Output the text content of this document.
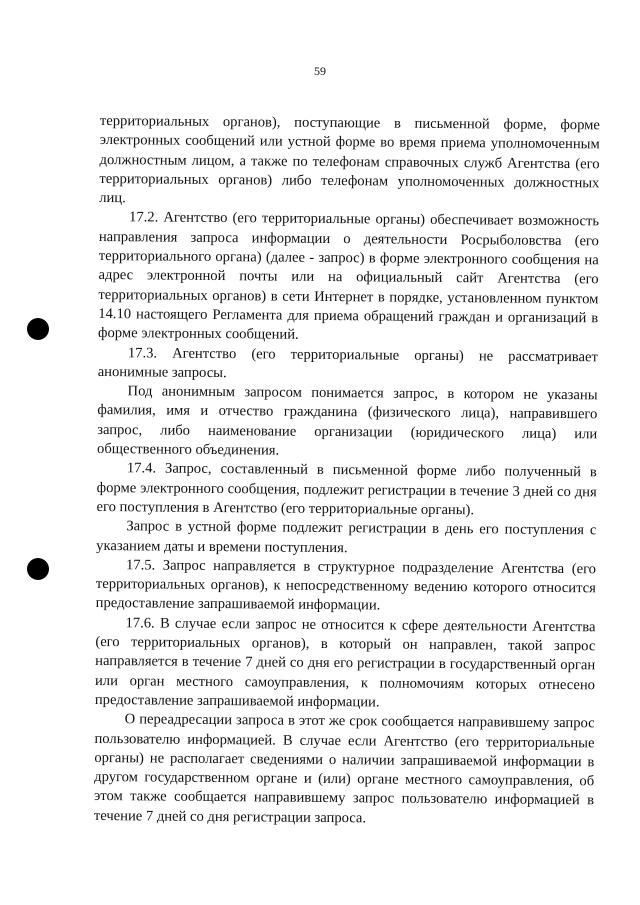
59

территориальных органов), поступающие в письменной форме, форме электронных сообщений или устной форме во время приема уполномоченным должностным лицом, а также по телефонам справочных служб Агентства (его территориальных органов) либо телефонам уполномоченных должностных лиц.

17.2. Агентство (его территориальные органы) обеспечивает возможность направления запроса информации о деятельности Росрыболовства (его территориального органа) (далее - запрос) в форме электронного сообщения на адрес электронной почты или на официальный сайт Агентства (его территориальных органов) в сети Интернет в порядке, установленном пунктом 14.10 настоящего Регламента для приема обращений граждан и организаций в форме электронных сообщений.

17.3. Агентство (его территориальные органы) не рассматривает анонимные запросы.

Под анонимным запросом понимается запрос, в котором не указаны фамилия, имя и отчество гражданина (физического лица), направившего запрос, либо наименование организации (юридического лица) или общественного объединения.

17.4. Запрос, составленный в письменной форме либо полученный в форме электронного сообщения, подлежит регистрации в течение 3 дней со дня его поступления в Агентство (его территориальные органы).

Запрос в устной форме подлежит регистрации в день его поступления с указанием даты и времени поступления.

17.5. Запрос направляется в структурное подразделение Агентства (его территориальных органов), к непосредственному ведению которого относится предоставление запрашиваемой информации.

17.6. В случае если запрос не относится к сфере деятельности Агентства (его территориальных органов), в который он направлен, такой запрос направляется в течение 7 дней со дня его регистрации в государственный орган или орган местного самоуправления, к полномочиям которых отнесено предоставление запрашиваемой информации.

О переадресации запроса в этот же срок сообщается направившему запрос пользователю информацией. В случае если Агентство (его территориальные органы) не располагает сведениями о наличии запрашиваемой информации в другом государственном органе и (или) органе местного самоуправления, об этом также сообщается направившему запрос пользователю информацией в течение 7 дней со дня регистрации запроса.
